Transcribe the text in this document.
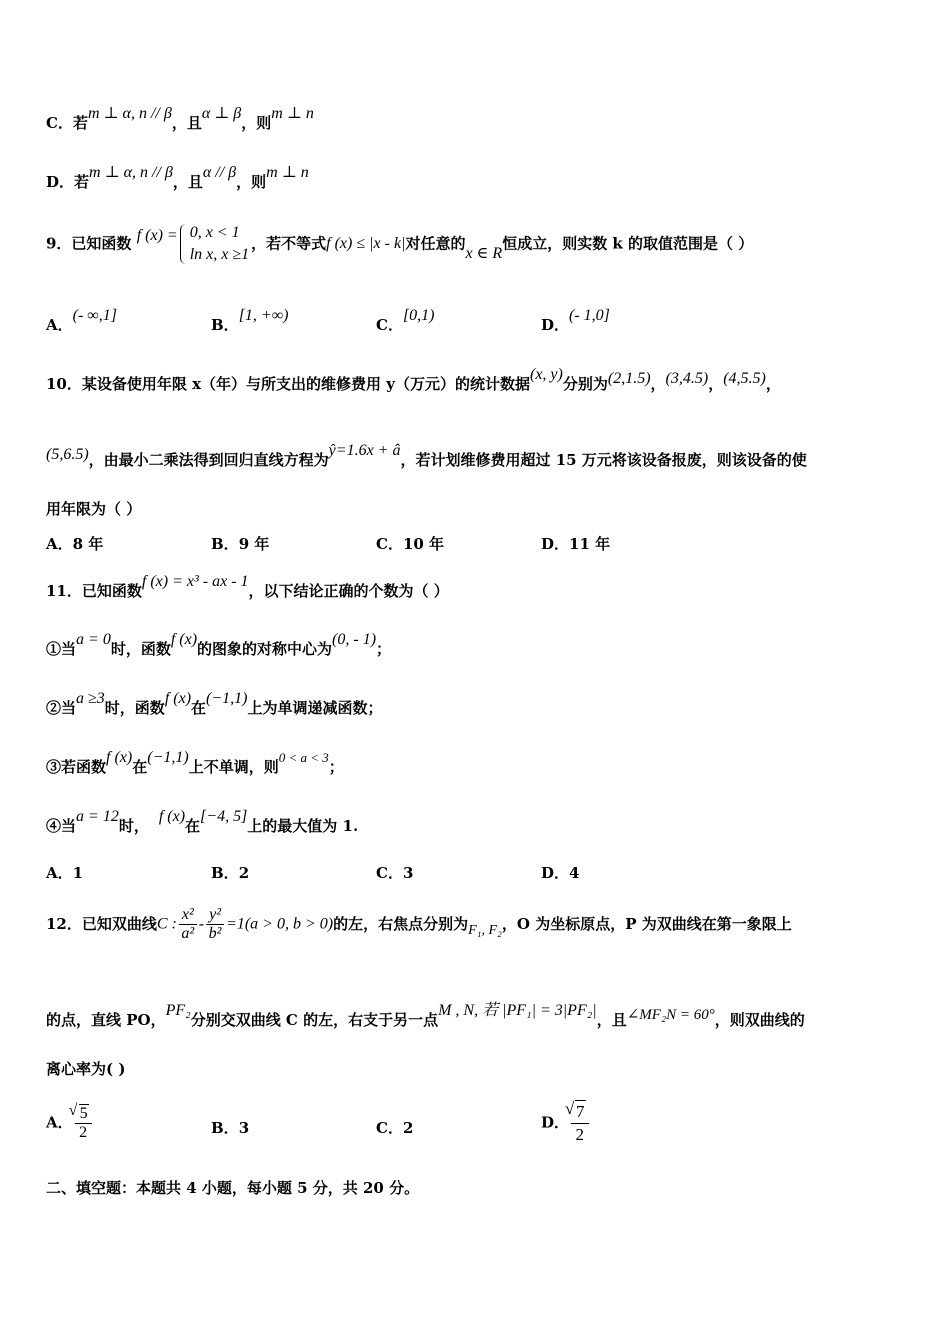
C．若m ⊥ α, n // β，且α ⊥ β，则m ⊥ n
D．若m ⊥ α, n // β，且α // β，则m ⊥ n
9．已知函数 f (x) = 0, x < 1
ln x, x ≥1
，若不等式f (x) ≤ |x - k|对任意的x ∈ R恒成立，则实数 k 的取值范围是（ ）
A．(- ∞,1]
B．[1, +∞)
C．[0,1)
D．(- 1,0]
10．某设备使用年限 x（年）与所支出的维修费用 y（万元）的统计数据(x, y)分别为(2,1.5)，(3,4.5)，(4,5.5)，
(5,6.5)，由最小二乘法得到回归直线方程为ŷ=1.6x + â，若计划维修费用超过 15 万元将该设备报废，则该设备的使
用年限为（ ）
A．8 年	B．9 年	C．10 年	D．11 年
11．已知函数f (x) = x³ - ax - 1，以下结论正确的个数为（ ）
①当a = 0时，函数f (x)的图象的对称中心为(0, - 1)；
②当a ≥3时，函数f (x)在(−1,1)上为单调递减函数；
③若函数f (x)在(−1,1)上不单调，则0 < a < 3；
④当a = 12时，f (x)在[−4, 5]上的最大值为 1.
A．1	B．2	C．3	D．4
12．已知双曲线C : $\frac{\text{x²}}{\text{a²}} - \frac{\text{y²}}{\text{b²}} =1(a > 0$, b > 0)的左，右焦点分别为F₁, F₂，O 为坐标原点，P 为双曲线在第一象限上
的点，直线 PO，PF₂分别交双曲线 C 的左，右支于另一点M , N, 若 |PF₁| = 3|PF₂|，且∠MF₂N = 60°，则双曲线的
离心率为( )
A． √ $\frac{5}{2}$	B．3	C．2	D． √ $\frac{7}{2}$
二、填空题：本题共 4 小题，每小题 5 分，共 20 分。
